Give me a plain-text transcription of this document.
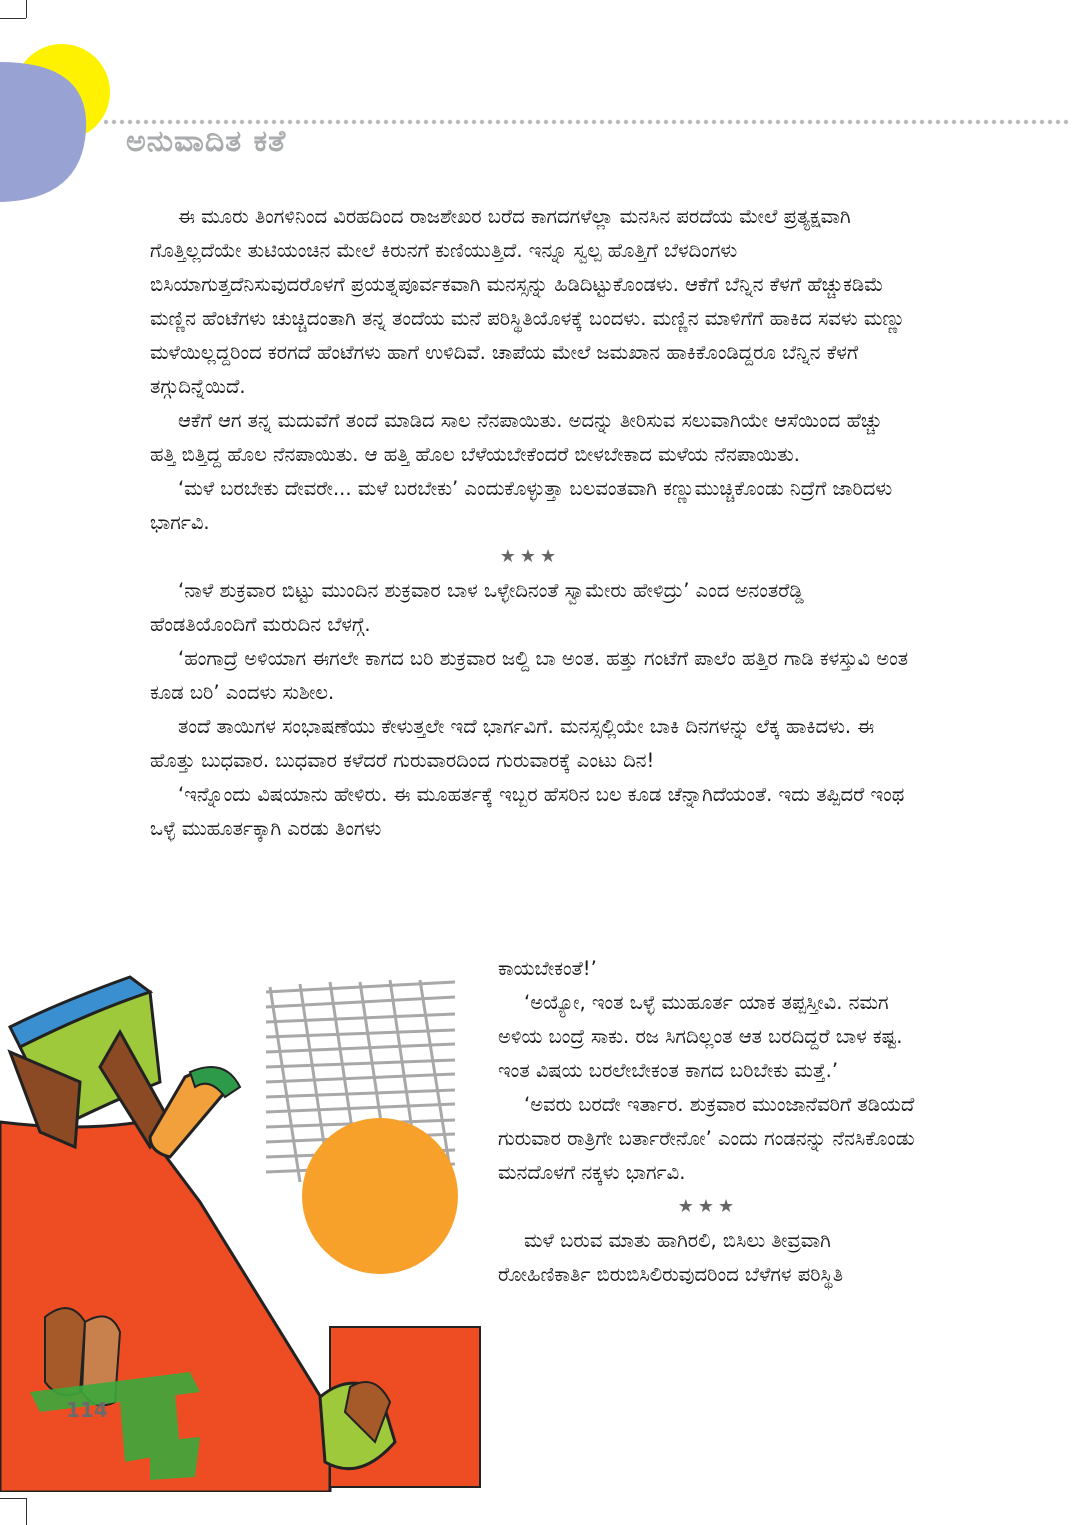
ಅನುವಾದಿತ ಕತೆ

ಈ ಮೂರು ತಿಂಗಳಿನಿಂದ ವಿರಹದಿಂದ ರಾಜಶೇಖರ ಬರೆದ ಕಾಗದಗಳೆಲ್ಲಾ ಮನಸಿನ ಪರದೆಯ ಮೇಲೆ ಪ್ರತ್ಯಕ್ಷವಾಗಿ ಗೊತ್ತಿಲ್ಲದೆಯೇ ತುಟಿಯಂಚಿನ ಮೇಲೆ ಕಿರುನಗೆ ಕುಣಿಯುತ್ತಿದೆ. ಇನ್ನೂ ಸ್ವಲ್ಪ ಹೊತ್ತಿಗೆ ಬೆಳದಿಂಗಳು ಬಿಸಿಯಾಗುತ್ತದೆನಿಸುವುದರೊಳಗೆ ಪ್ರಯತ್ನಪೂರ್ವಕವಾಗಿ ಮನಸ್ಸನ್ನು ಹಿಡಿದಿಟ್ಟುಕೊಂಡಳು. ಆಕೆಗೆ ಬೆನ್ನಿನ ಕೆಳಗೆ ಹೆಚ್ಚುಕಡಿಮೆ ಮಣ್ಣಿನ ಹೆಂಟೆಗಳು ಚುಚ್ಚಿದಂತಾಗಿ ತನ್ನ ತಂದೆಯ ಮನೆ ಪರಿಸ್ಥಿತಿಯೊಳಕ್ಕೆ ಬಂದಳು. ಮಣ್ಣಿನ ಮಾಳಿಗೆಗೆ ಹಾಕಿದ ಸವಳು ಮಣ್ಣು ಮಳೆಯಿಲ್ಲದ್ದರಿಂದ ಕರಗದೆ ಹೆಂಟೆಗಳು ಹಾಗೆ ಉಳಿದಿವೆ. ಚಾಪೆಯ ಮೇಲೆ ಜಮಖಾನ ಹಾಕಿಕೊಂಡಿದ್ದರೂ ಬೆನ್ನಿನ ಕೆಳಗೆ ತಗ್ಗುದಿನ್ನೆಯಿದೆ.

ಆಕೆಗೆ ಆಗ ತನ್ನ ಮದುವೆಗೆ ತಂದೆ ಮಾಡಿದ ಸಾಲ ನೆನಪಾಯಿತು. ಅದನ್ನು ತೀರಿಸುವ ಸಲುವಾಗಿಯೇ ಆಸೆಯಿಂದ ಹೆಚ್ಚು ಹತ್ತಿ ಬಿತ್ತಿದ್ದ ಹೊಲ ನೆನಪಾಯಿತು. ಆ ಹತ್ತಿ ಹೊಲ ಬೆಳೆಯಬೇಕೆಂದರೆ ಬೀಳಬೇಕಾದ ಮಳೆಯ ನೆನಪಾಯಿತು.

‘ಮಳೆ ಬರಬೇಕು ದೇವರೇ... ಮಳೆ ಬರಬೇಕು’ ಎಂದುಕೊಳ್ಳುತ್ತಾ ಬಲವಂತವಾಗಿ ಕಣ್ಣುಮುಚ್ಚಿಕೊಂಡು ನಿದ್ರೆಗೆ ಜಾರಿದಳು ಭಾರ್ಗವಿ.

★★★

‘ನಾಳೆ ಶುಕ್ರವಾರ ಬಿಟ್ಟು ಮುಂದಿನ ಶುಕ್ರವಾರ ಬಾಳ ಒಳ್ಳೇದಿನಂತೆ ಸ್ವಾಮೇರು ಹೇಳಿದ್ರು’ ಎಂದ ಅನಂತರೆಡ್ಡಿ ಹೆಂಡತಿಯೊಂದಿಗೆ ಮರುದಿನ ಬೆಳಗ್ಗೆ.

‘ಹಂಗಾದ್ರೆ ಅಳಿಯಾಗ ಈಗಲೇ ಕಾಗದ ಬರಿ ಶುಕ್ರವಾರ ಜಲ್ದಿ ಬಾ ಅಂತ. ಹತ್ತು ಗಂಟೆಗೆ ಪಾಲೆಂ ಹತ್ತಿರ ಗಾಡಿ ಕಳಸ್ತುವಿ ಅಂತ ಕೂಡ ಬರಿ’ ಎಂದಳು ಸುಶೀಲ.

ತಂದೆ ತಾಯಿಗಳ ಸಂಭಾಷಣೆಯು ಕೇಳುತ್ತಲೇ ಇದೆ ಭಾರ್ಗವಿಗೆ. ಮನಸ್ಸಲ್ಲಿಯೇ ಬಾಕಿ ದಿನಗಳನ್ನು ಲೆಕ್ಕ ಹಾಕಿದಳು. ಈ ಹೊತ್ತು ಬುಧವಾರ. ಬುಧವಾರ ಕಳೆದರೆ ಗುರುವಾರದಿಂದ ಗುರುವಾರಕ್ಕೆ ಎಂಟು ದಿನ!

‘ಇನ್ನೊಂದು ವಿಷಯಾನು ಹೇಳಿರು. ಈ ಮೂಹರ್ತಕ್ಕೆ ಇಬ್ಬರ ಹೆಸರಿನ ಬಲ ಕೂಡ ಚೆನ್ನಾಗಿದೆಯಂತೆ. ಇದು ತಪ್ಪಿದರೆ ಇಂಥ ಒಳ್ಳೆ ಮುಹೂರ್ತಕ್ಕಾಗಿ ಎರಡು ತಿಂಗಳು

ಕಾಯಬೇಕಂತೆ!’

‘ಅಯ್ಯೋ, ಇಂತ ಒಳ್ಳೆ ಮುಹೂರ್ತ ಯಾಕ ತಪ್ಪಸ್ತೀವಿ. ನಮಗ ಅಳಿಯ ಬಂದ್ರೆ ಸಾಕು. ರಜ ಸಿಗದಿಲ್ಲಂತ ಆತ ಬರದಿದ್ದರೆ ಬಾಳ ಕಷ್ಟ. ಇಂತ ವಿಷಯ ಬರಲೇಬೇಕಂತ ಕಾಗದ ಬರಿಬೇಕು ಮತ್ತೆ.’

‘ಅವರು ಬರದೇ ಇರ್ತಾರ. ಶುಕ್ರವಾರ ಮುಂಜಾನೆವರಿಗೆ ತಡಿಯದೆ ಗುರುವಾರ ರಾತ್ರಿಗೇ ಬರ್ತಾರೇನೋ’ ಎಂದು ಗಂಡನನ್ನು ನೆನಸಿಕೊಂಡು ಮನದೊಳಗೆ ನಕ್ಕಳು ಭಾರ್ಗವಿ.

★★★

ಮಳೆ ಬರುವ ಮಾತು ಹಾಗಿರಲಿ, ಬಿಸಿಲು ತೀವ್ರವಾಗಿ ರೋಹಿಣಿಕಾರ್ತಿ ಬಿರುಬಿಸಿಲಿರುವುದರಿಂದ ಬೆಳೆಗಳ ಪರಿಸ್ಥಿತಿ

114
